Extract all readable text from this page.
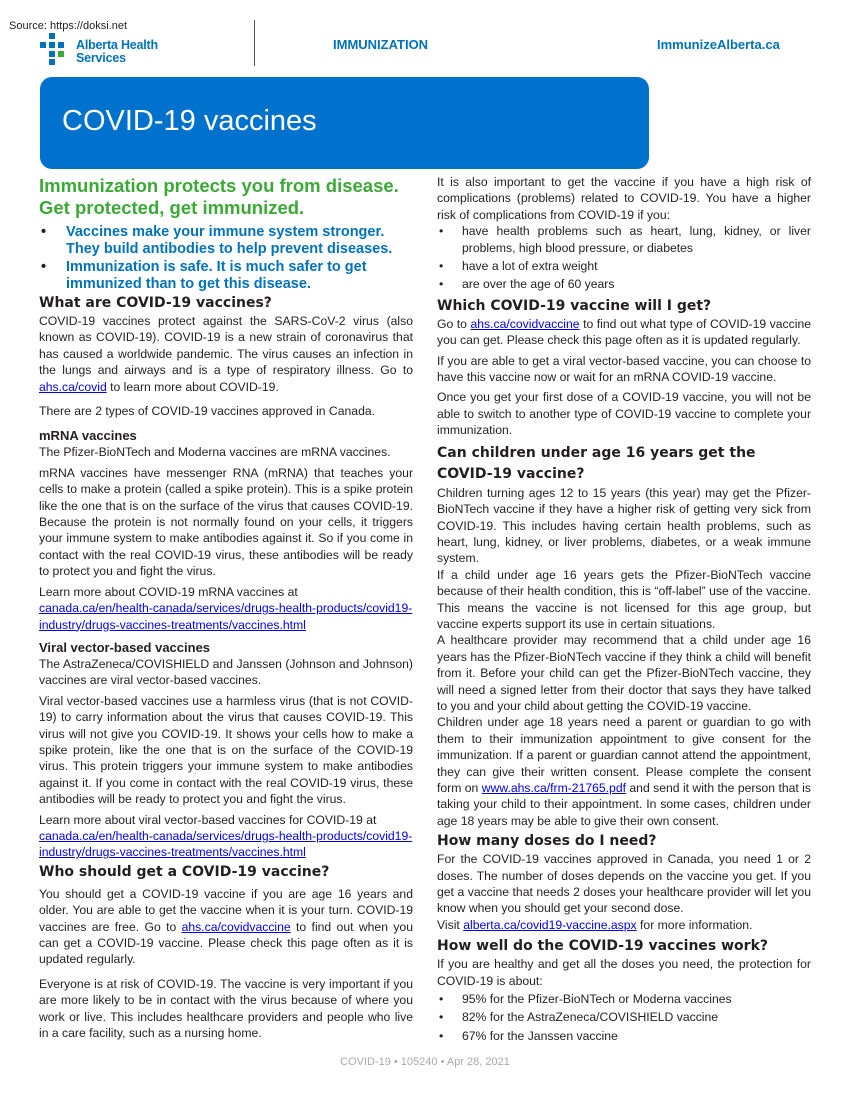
Source: https://doksi.net
Alberta Health
Services
IMMUNIZATION	ImmunizeAlberta.ca
COVID-19 vaccines
Immunization protects you from disease. Get protected, get immunized.
• Vaccines make your immune system stronger. They build antibodies to help prevent diseases.
• Immunization is safe. It is much safer to get immunized than to get this disease.
What are COVID-19 vaccines?

COVID-19 vaccines protect against the SARS-CoV-2 virus (also known as COVID-19). COVID-19 is a new strain of coronavirus that has caused a worldwide pandemic. The virus causes an infection in the lungs and airways and is a type of respiratory illness. Go to ahs.ca/covid to learn more about COVID-19.

There are 2 types of COVID-19 vaccines approved in Canada.

mRNA vaccines

The Pfizer-BioNTech and Moderna vaccines are mRNA vaccines.

mRNA vaccines have messenger RNA (mRNA) that teaches your cells to make a protein (called a spike protein). This is a spike protein like the one that is on the surface of the virus that causes COVID-19. Because the protein is not normally found on your cells, it triggers your immune system to make antibodies against it. So if you come in contact with the real COVID-19 virus, these antibodies will be ready to protect you and fight the virus.

Learn more about COVID-19 mRNA vaccines at canada.ca/en/health-canada/services/drugs-health-products/covid19-industry/drugs-vaccines-treatments/vaccines.html

Viral vector-based vaccines

The AstraZeneca/COVISHIELD and Janssen (Johnson and Johnson) vaccines are viral vector-based vaccines.

Viral vector-based vaccines use a harmless virus (that is not COVID-19) to carry information about the virus that causes COVID-19. This virus will not give you COVID-19. It shows your cells how to make a spike protein, like the one that is on the surface of the COVID-19 virus. This protein triggers your immune system to make antibodies against it. If you come in contact with the real COVID-19 virus, these antibodies will be ready to protect you and fight the virus.

Learn more about viral vector-based vaccines for COVID-19 at canada.ca/en/health-canada/services/drugs-health-products/covid19-industry/drugs-vaccines-treatments/vaccines.html

Who should get a COVID-19 vaccine?

You should get a COVID-19 vaccine if you are age 16 years and older. You are able to get the vaccine when it is your turn. COVID-19 vaccines are free. Go to ahs.ca/covidvaccine to find out when you can get a COVID-19 vaccine. Please check this page often as it is updated regularly.

Everyone is at risk of COVID-19. The vaccine is very important if you are more likely to be in contact with the virus because of where you work or live. This includes healthcare providers and people who live in a care facility, such as a nursing home.

It is also important to get the vaccine if you have a high risk of complications (problems) related to COVID-19. You have a higher risk of complications from COVID-19 if you:

• have health problems such as heart, lung, kidney, or liver problems, high blood pressure, or diabetes
• have a lot of extra weight
• are over the age of 60 years
Which COVID-19 vaccine will I get?

Go to ahs.ca/covidvaccine to find out what type of COVID-19 vaccine you can get. Please check this page often as it is updated regularly.

If you are able to get a viral vector-based vaccine, you can choose to have this vaccine now or wait for an mRNA COVID-19 vaccine.

Once you get your first dose of a COVID-19 vaccine, you will not be able to switch to another type of COVID-19 vaccine to complete your immunization.

Can children under age 16 years get the COVID-19 vaccine?

Children turning ages 12 to 15 years (this year) may get the Pfizer-BioNTech vaccine if they have a higher risk of getting very sick from COVID-19. This includes having certain health problems, such as heart, lung, kidney, or liver problems, diabetes, or a weak immune system.

If a child under age 16 years gets the Pfizer-BioNTech vaccine because of their health condition, this is “off-label” use of the vaccine. This means the vaccine is not licensed for this age group, but vaccine experts support its use in certain situations.

A healthcare provider may recommend that a child under age 16 years has the Pfizer-BioNTech vaccine if they think a child will benefit from it. Before your child can get the Pfizer-BioNTech vaccine, they will need a signed letter from their doctor that says they have talked to you and your child about getting the COVID-19 vaccine.

Children under age 18 years need a parent or guardian to go with them to their immunization appointment to give consent for the immunization. If a parent or guardian cannot attend the appointment, they can give their written consent. Please complete the consent form on www.ahs.ca/frm-21765.pdf and send it with the person that is taking your child to their appointment. In some cases, children under age 18 years may be able to give their own consent.

How many doses do I need?

For the COVID-19 vaccines approved in Canada, you need 1 or 2 doses. The number of doses depends on the vaccine you get. If you get a vaccine that needs 2 doses your healthcare provider will let you know when you should get your second dose.

Visit alberta.ca/covid19-vaccine.aspx for more information.

How well do the COVID-19 vaccines work?

If you are healthy and get all the doses you need, the protection for COVID-19 is about:

• 95% for the Pfizer-BioNTech or Moderna vaccines
• 82% for the AstraZeneca/COVISHIELD vaccine
• 67% for the Janssen vaccine
COVID-19 • 105240 • Apr 28, 2021
